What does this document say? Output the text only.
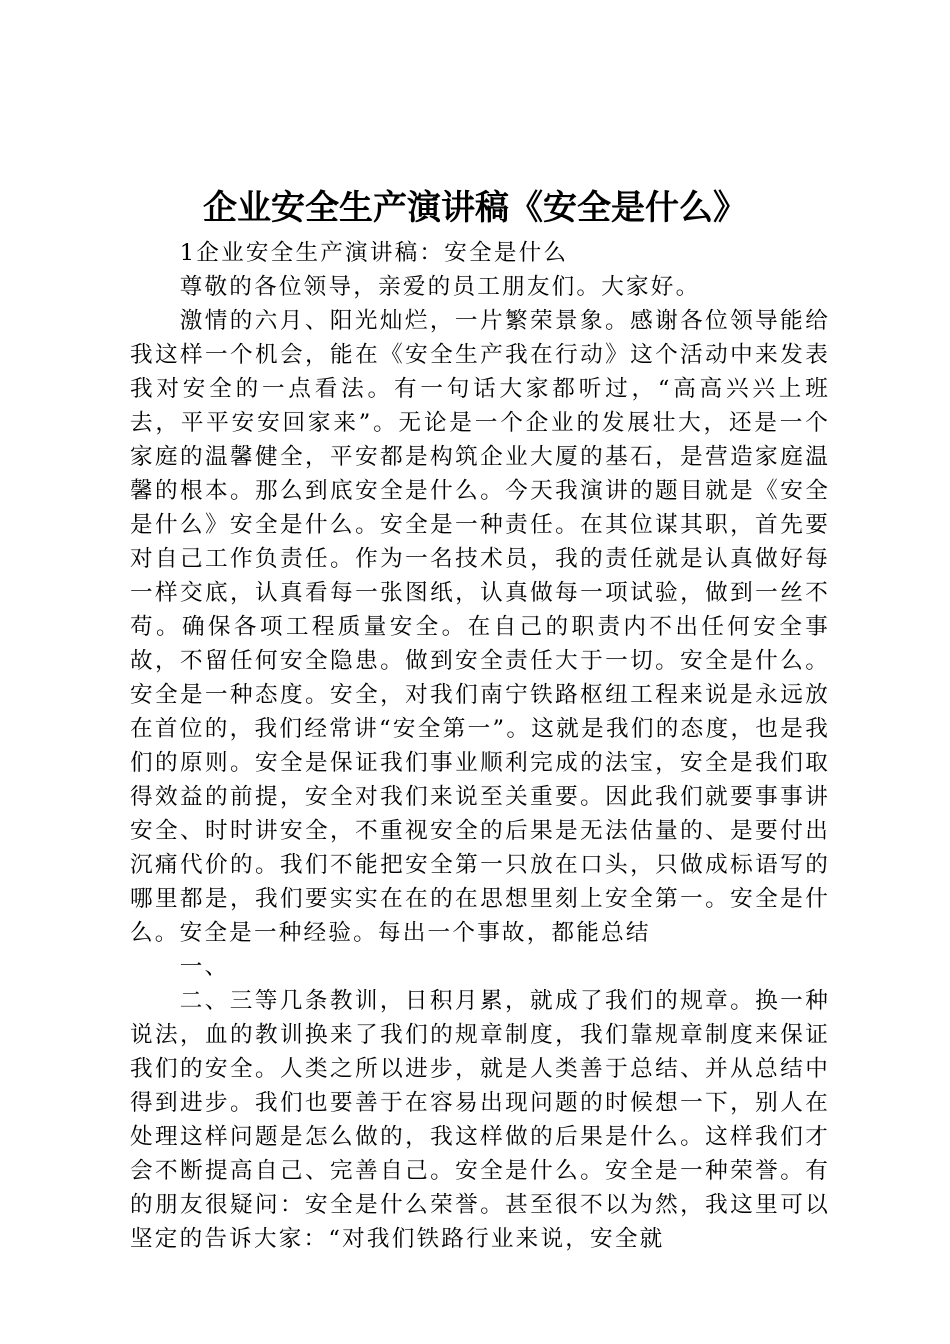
企业安全生产演讲稿《安全是什么》

1企业安全生产演讲稿：安全是什么

尊敬的各位领导，亲爱的员工朋友们。大家好。

激情的六月、阳光灿烂，一片繁荣景象。感谢各位领导能给我这样一个机会，能在《安全生产我在行动》这个活动中来发表我对安全的一点看法。有一句话大家都听过，“高高兴兴上班去，平平安安回家来”。无论是一个企业的发展壮大，还是一个家庭的温馨健全，平安都是构筑企业大厦的基石，是营造家庭温馨的根本。那么到底安全是什么。今天我演讲的题目就是《安全是什么》安全是什么。安全是一种责任。在其位谋其职，首先要对自己工作负责任。作为一名技术员，我的责任就是认真做好每一样交底，认真看每一张图纸，认真做每一项试验，做到一丝不苟。确保各项工程质量安全。在自己的职责内不出任何安全事故，不留任何安全隐患。做到安全责任大于一切。安全是什么。安全是一种态度。安全，对我们南宁铁路枢纽工程来说是永远放在首位的，我们经常讲“安全第一”。这就是我们的态度，也是我们的原则。安全是保证我们事业顺利完成的法宝，安全是我们取得效益的前提，安全对我们来说至关重要。因此我们就要事事讲安全、时时讲安全，不重视安全的后果是无法估量的、是要付出沉痛代价的。我们不能把安全第一只放在口头，只做成标语写的哪里都是，我们要实实在在的在思想里刻上安全第一。安全是什么。安全是一种经验。每出一个事故，都能总结

一、

二、三等几条教训，日积月累，就成了我们的规章。换一种说法，血的教训换来了我们的规章制度，我们靠规章制度来保证我们的安全。人类之所以进步，就是人类善于总结、并从总结中得到进步。我们也要善于在容易出现问题的时候想一下，别人在处理这样问题是怎么做的，我这样做的后果是什么。这样我们才会不断提高自己、完善自己。安全是什么。安全是一种荣誉。有的朋友很疑问：安全是什么荣誉。甚至很不以为然，我这里可以坚定的告诉大家：“对我们铁路行业来说，安全就
